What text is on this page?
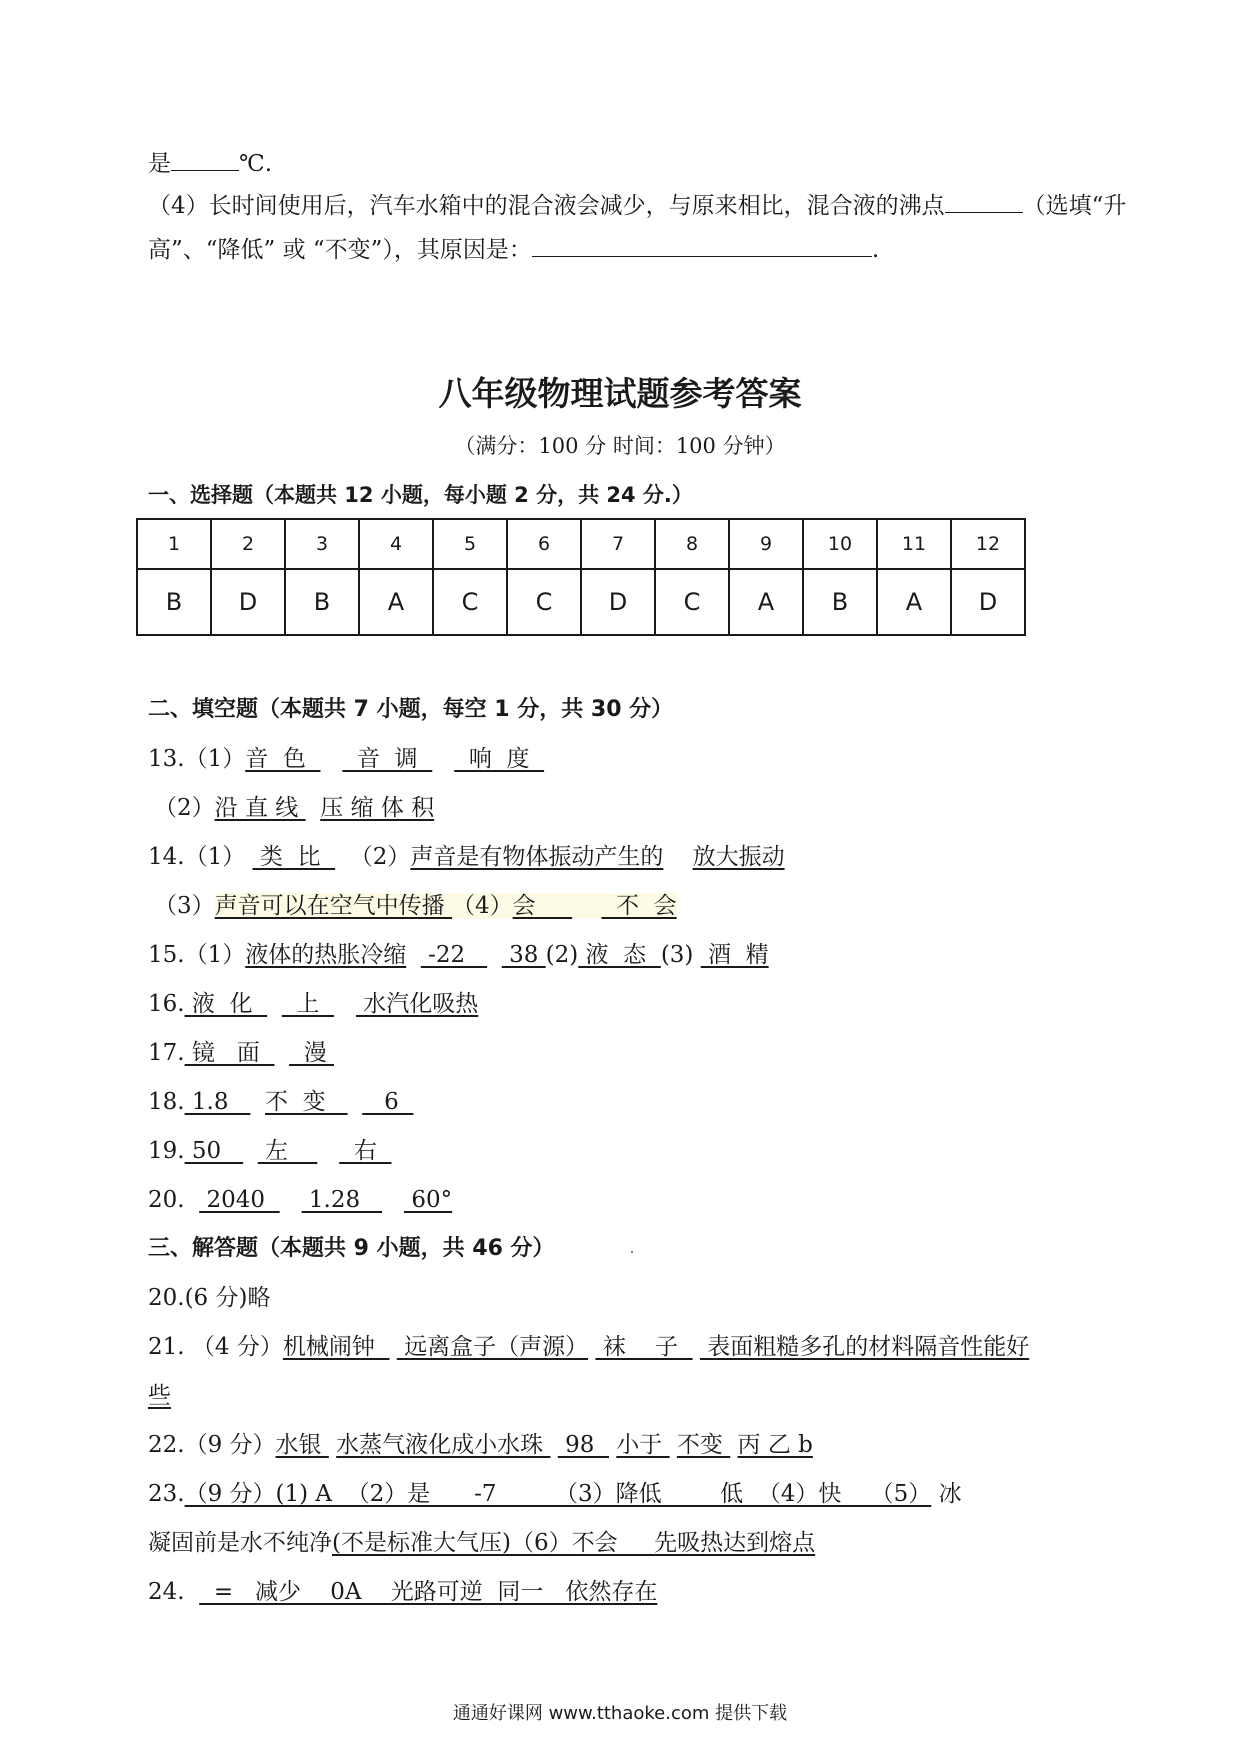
是	℃.
（4）长时间使用后，汽车水箱中的混合液会减少，与原来相比，混合液的沸点	（选填“升
高”、“降低” 或 “不变”），其原因是：	.
八年级物理试题参考答案
（满分：100 分 时间：100 分钟）
一、选择题（本题共 12 小题，每小题 2 分，共 24 分.）
1	2	3	4	5	6	7	8	9	10	11	12
B	D	B	A	C	C	D	C	A	B	A	D
二、填空题（本题共 7 小题，每空 1 分，共 30 分）
13.（1）音  色       音  调       响  度
（2）沿 直 线   压 缩 体 积
14.（1）  类  比    （2）声音是有物体振动产生的 放大振动
（3）声音可以在空气中传播 （4）会           不  会
15.（1）液体的热胀冷缩   -22      38 (2) 液  态  (3)  酒  精
16. 液  化      上      水汽化吸热
17. 镜   面      漫
18. 1.8     不  变        6
19. 50      左         右
20.   2040      1.28       60°
三、解答题（本题共 9 小题，共 46 分）
20.(6 分)略
21. （4 分）机械闹钟    远离盒子（声源）  袜    子    表面粗糙多孔的材料隔音性能好
些
22.（9 分）水银  水蒸气液化成小水珠   98   小于  不变  丙 乙 b
23.（9 分）(1) A  （2）是      -7        （3）降低        低  （4）快    （5） 冰
凝固前是水不纯净(不是标准大气压)（6）不会     先吸热达到熔点
24.    =   减少    0A    光路可逆  同一   依然存在
通通好课网 www.tthaoke.com 提供下载
